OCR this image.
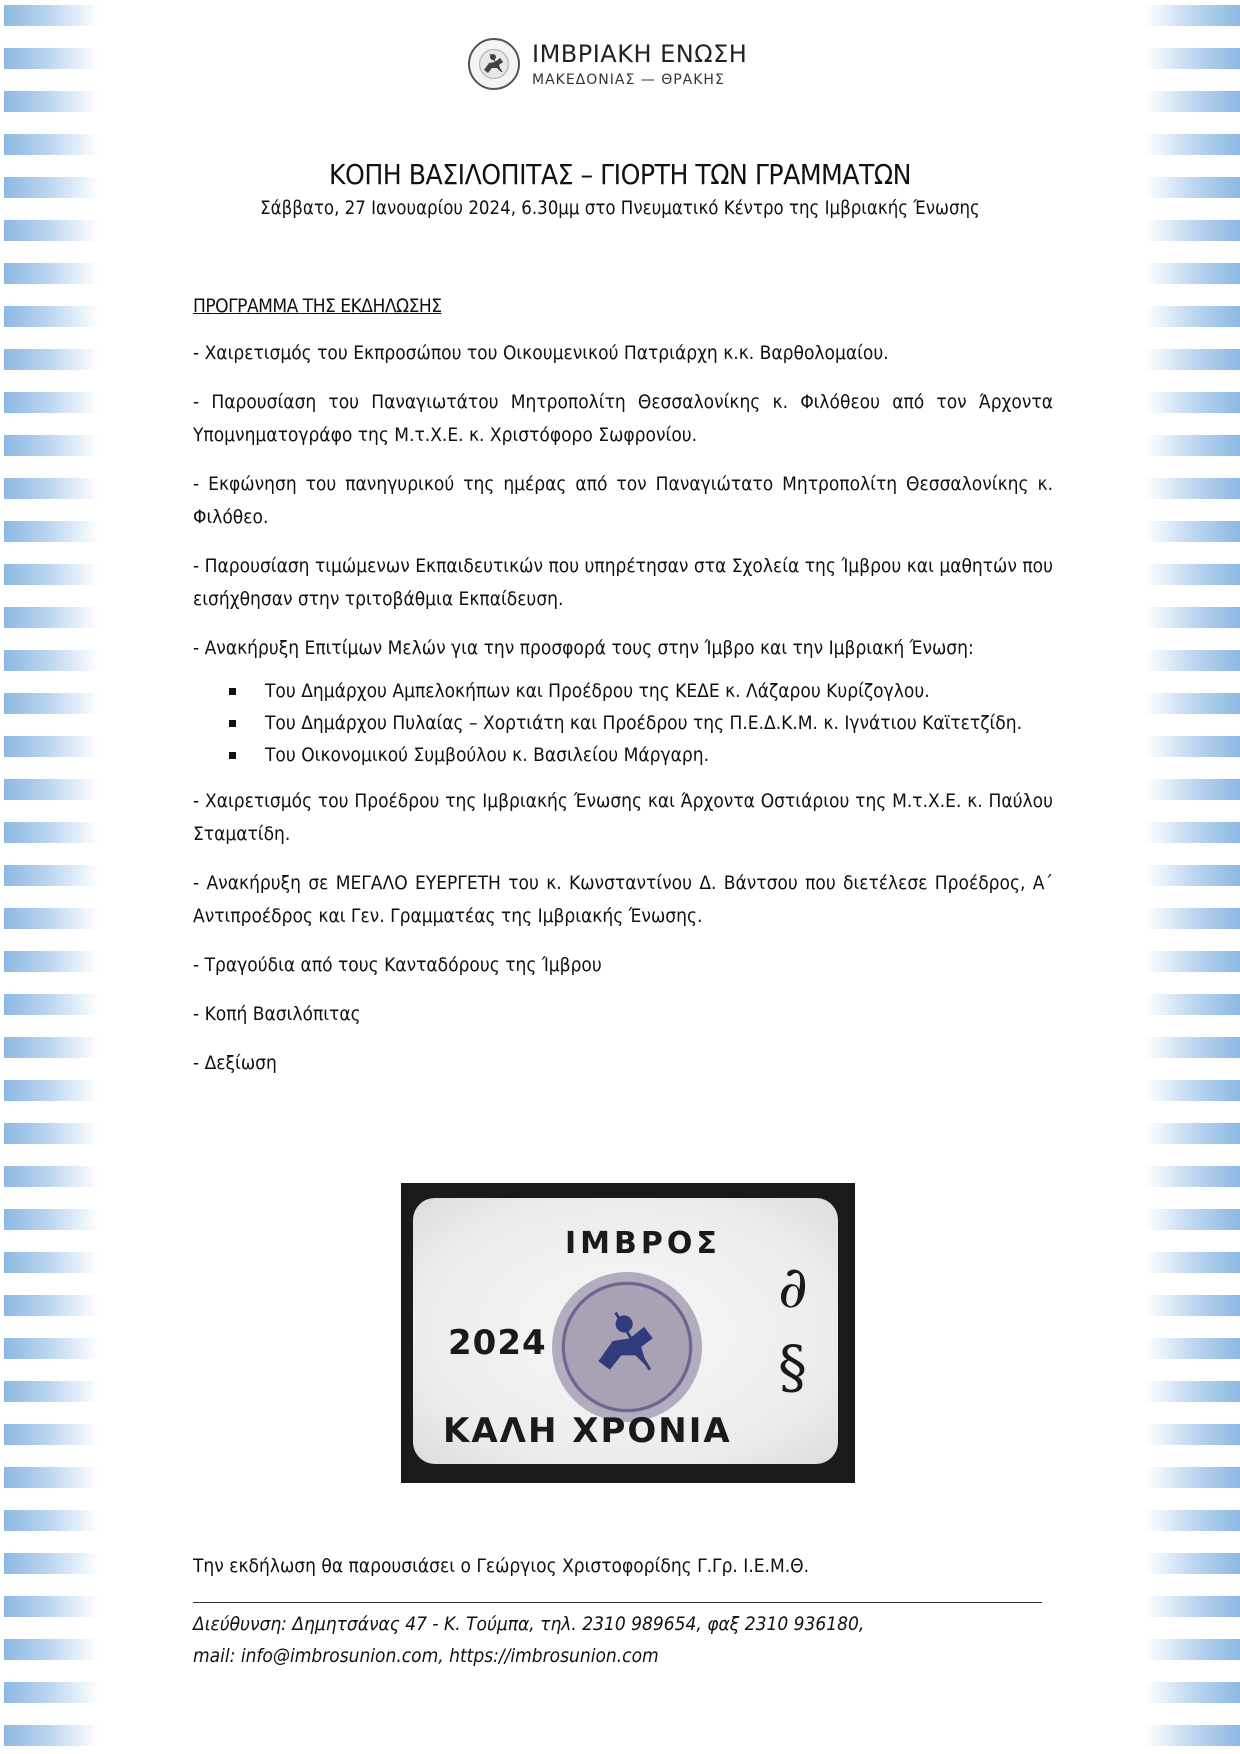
ΙΜΒΡΙΑΚΗ ΕΝΩΣΗ
ΜΑΚΕΔΟΝΙΑΣ — ΘΡΑΚΗΣ
ΚΟΠΗ ΒΑΣΙΛΟΠΙΤΑΣ – ΓΙΟΡΤΗ ΤΩΝ ΓΡΑΜΜΑΤΩΝ
Σάββατο, 27 Ιανουαρίου 2024, 6.30μμ στο Πνευματικό Κέντρο της Ιμβριακής Ένωσης
ΠΡΟΓΡΑΜΜΑ ΤΗΣ ΕΚΔΗΛΩΣΗΣ
- Χαιρετισμός του Εκπροσώπου του Οικουμενικού Πατριάρχη κ.κ. Βαρθολομαίου.
- Παρουσίαση του Παναγιωτάτου Μητροπολίτη Θεσσαλονίκης κ. Φιλόθεου από τον Άρχοντα Υπομνηματογράφο της Μ.τ.Χ.Ε. κ. Χριστόφορο Σωφρονίου.
- Εκφώνηση του πανηγυρικού της ημέρας από τον Παναγιώτατο Μητροπολίτη Θεσσαλονίκης κ. Φιλόθεο.
- Παρουσίαση τιμώμενων Εκπαιδευτικών που υπηρέτησαν στα Σχολεία της Ίμβρου και μαθητών που εισήχθησαν στην τριτοβάθμια Εκπαίδευση.
- Ανακήρυξη Επιτίμων Μελών για την προσφορά τους στην Ίμβρο και την Ιμβριακή Ένωση:
Του Δημάρχου Αμπελοκήπων και Προέδρου της ΚΕΔΕ κ. Λάζαρου Κυρίζογλου.
Του Δημάρχου Πυλαίας – Χορτιάτη και Προέδρου της Π.Ε.Δ.Κ.Μ. κ. Ιγνάτιου Καϊτετζίδη.
Του Οικονομικού Συμβούλου κ. Βασιλείου Μάργαρη.
- Χαιρετισμός του Προέδρου της Ιμβριακής Ένωσης και Άρχοντα Οστιάριου της Μ.τ.Χ.Ε. κ. Παύλου Σταματίδη.
- Ανακήρυξη σε ΜΕΓΑΛΟ ΕΥΕΡΓΕΤΗ του κ. Κωνσταντίνου Δ. Βάντσου που διετέλεσε Προέδρος, Α΄ Αντιπροέδρος και Γεν. Γραμματέας της Ιμβριακής Ένωσης.
- Τραγούδια από τους Κανταδόρους της Ίμβρου
- Κοπή Βασιλόπιτας
- Δεξίωση
ΙΜΒΡΟΣ
2024
∂
§
ΚΑΛΗ ΧΡΟΝΙΑ
Την εκδήλωση θα παρουσιάσει ο Γεώργιος Χριστοφορίδης Γ.Γρ. Ι.Ε.Μ.Θ.
Διεύθυνση: Δημητσάνας 47 - Κ. Τούμπα, τηλ. 2310 989654, φαξ 2310 936180,
mail: info@imbrosunion.com, https://imbrosunion.com
